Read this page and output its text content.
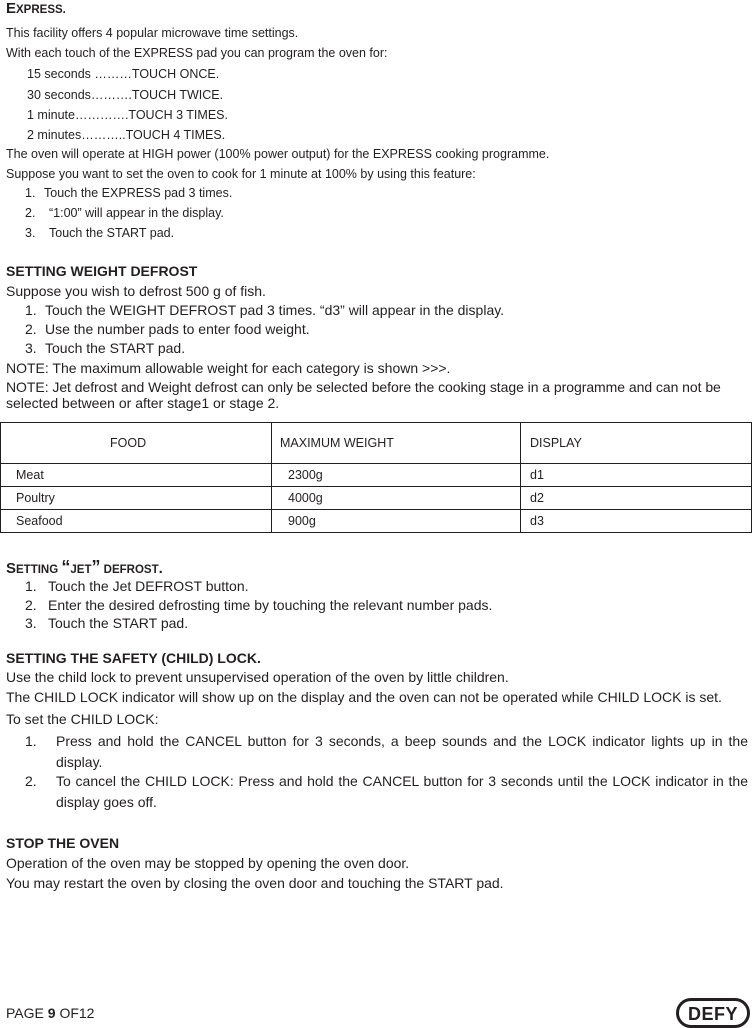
EXPRESS.
This facility offers 4 popular microwave time settings.
With each touch of the EXPRESS pad you can program the oven for:
15 seconds ………TOUCH ONCE.
30 seconds……….TOUCH TWICE.
1 minute………….TOUCH 3 TIMES.
2 minutes………..TOUCH 4 TIMES.
The oven will operate at HIGH power (100% power output) for the EXPRESS cooking programme.
Suppose you want to set the oven to cook for 1 minute at 100% by using this feature:
1. Touch the EXPRESS pad 3 times.
2. “1:00” will appear in the display.
3. Touch the START pad.
SETTING WEIGHT DEFROST
Suppose you wish to defrost 500 g of fish.
1. Touch the WEIGHT DEFROST pad 3 times. “d3” will appear in the display.
2. Use the number pads to enter food weight.
3. Touch the START pad.
NOTE: The maximum allowable weight for each category is shown >>>.
NOTE: Jet defrost and Weight defrost can only be selected before the cooking stage in a programme and can not be
selected between or after stage1 or stage 2.
FOOD	MAXIMUM WEIGHT	DISPLAY
Meat	2300g	d1
Poultry	4000g	d2
Seafood	900g	d3
SETTING “JET” DEFROST.
1. Touch the Jet DEFROST button.
2. Enter the desired defrosting time by touching the relevant number pads.
3. Touch the START pad.
SETTING THE SAFETY (CHILD) LOCK.
Use the child lock to prevent unsupervised operation of the oven by little children.
The CHILD LOCK indicator will show up on the display and the oven can not be operated while CHILD LOCK is set.
To set the CHILD LOCK:
1. Press and hold the CANCEL button for 3 seconds, a beep sounds and the LOCK indicator lights up in the display.
2. To cancel the CHILD LOCK: Press and hold the CANCEL button for 3 seconds until the LOCK indicator in the display goes off.
STOP THE OVEN
Operation of the oven may be stopped by opening the oven door.
You may restart the oven by closing the oven door and touching the START pad.
PAGE 9 OF12	DEFY
